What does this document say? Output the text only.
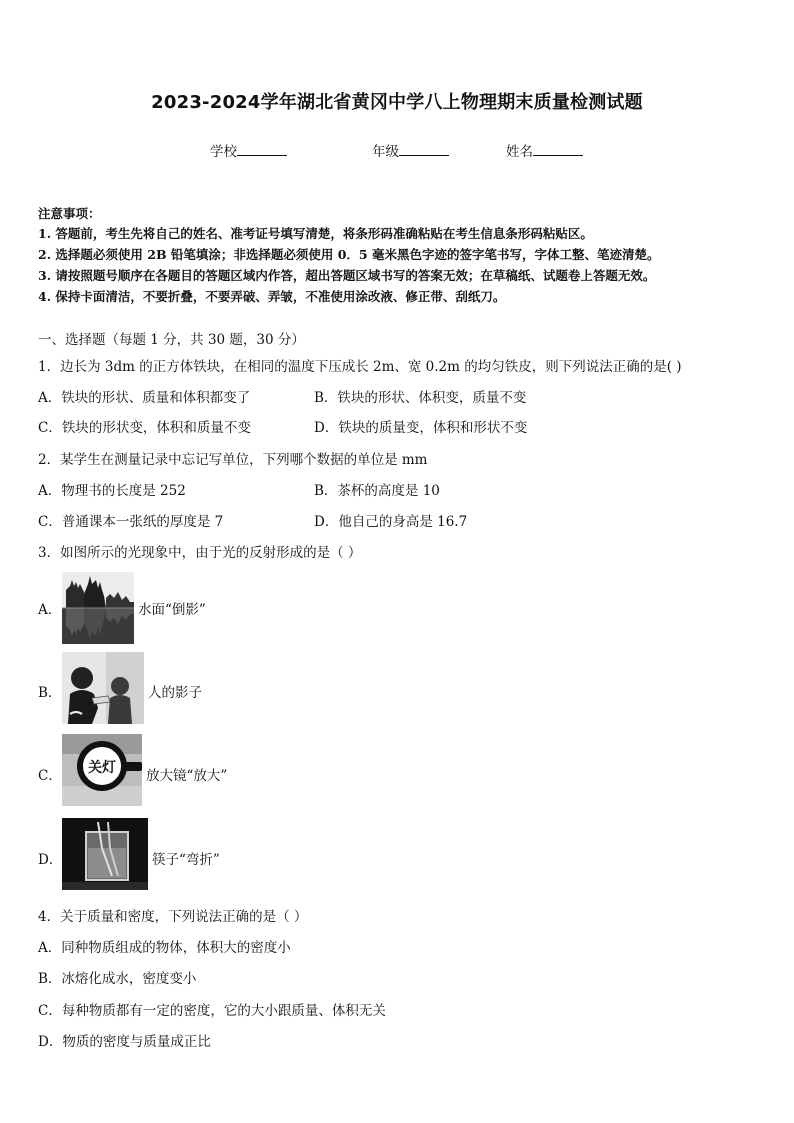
2023-2024学年湖北省黄冈中学八上物理期末质量检测试题
学校	年级	姓名
注意事项：
1. 答题前，考生先将自己的姓名、准考证号填写清楚，将条形码准确粘贴在考生信息条形码粘贴区。
2. 选择题必须使用 2B 铅笔填涂；非选择题必须使用 0．5 毫米黑色字迹的签字笔书写，字体工整、笔迹清楚。
3. 请按照题号顺序在各题目的答题区域内作答，超出答题区域书写的答案无效；在草稿纸、试题卷上答题无效。
4. 保持卡面清洁，不要折叠，不要弄破、弄皱，不准使用涂改液、修正带、刮纸刀。
一、选择题（每题 1 分，共 30 题，30 分）
1．边长为 3dm 的正方体铁块，在相同的温度下压成长 2m、宽 0.2m 的均匀铁皮，则下列说法正确的是( )
A．铁块的形状、质量和体积都变了	B．铁块的形状、体积变，质量不变
C．铁块的形状变，体积和质量不变	D．铁块的质量变，体积和形状不变
2．某学生在测量记录中忘记写单位，下列哪个数据的单位是 mm
A．物理书的长度是 252	B．茶杯的高度是 10
C．普通课本一张纸的厚度是 7	D．他自己的身高是 16.7
3．如图所示的光现象中，由于光的反射形成的是（ ）
A．	水面“倒影”
B．	人的影子
C． 关灯 放大镜“放大”
D．	筷子“弯折”
4．关于质量和密度，下列说法正确的是（ ）
A．同种物质组成的物体，体积大的密度小
B．冰熔化成水，密度变小
C．每种物质都有一定的密度，它的大小跟质量、体积无关
D．物质的密度与质量成正比
